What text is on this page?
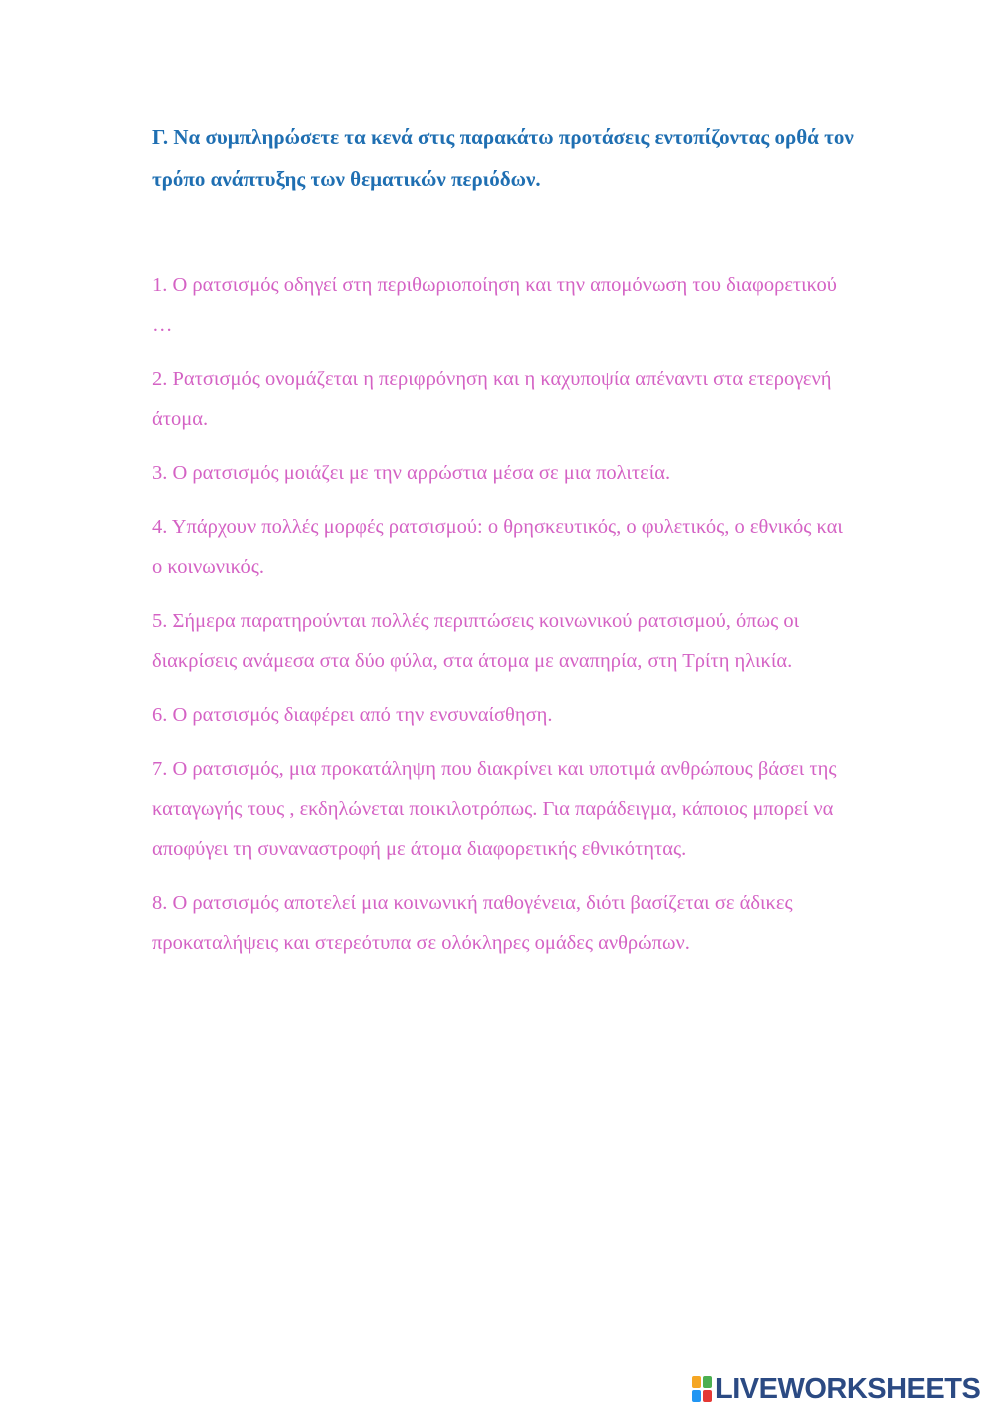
Γ. Να συμπληρώσετε τα κενά στις παρακάτω προτάσεις εντοπίζοντας ορθά τον τρόπο ανάπτυξης των θεματικών περιόδων.

1. Ο ρατσισμός οδηγεί στη περιθωριοποίηση και την απομόνωση του διαφορετικού …
2. Ρατσισμός ονομάζεται η περιφρόνηση και η καχυποψία απέναντι στα ετερογενή άτομα.
3. Ο ρατσισμός μοιάζει με την αρρώστια μέσα σε μια πολιτεία.
4. Υπάρχουν πολλές μορφές ρατσισμού: ο θρησκευτικός, ο φυλετικός, ο εθνικός και ο κοινωνικός.
5. Σήμερα παρατηρούνται πολλές περιπτώσεις κοινωνικού ρατσισμού, όπως οι διακρίσεις ανάμεσα στα δύο φύλα, στα άτομα με αναπηρία, στη Τρίτη ηλικία.
6. Ο ρατσισμός διαφέρει από την ενσυναίσθηση.
7. Ο ρατσισμός, μια προκατάληψη που διακρίνει και υποτιμά ανθρώπους βάσει της καταγωγής τους , εκδηλώνεται ποικιλοτρόπως. Για παράδειγμα, κάποιος μπορεί να αποφύγει τη συναναστροφή με άτομα διαφορετικής εθνικότητας.
8. Ο ρατσισμός αποτελεί μια κοινωνική παθογένεια, διότι βασίζεται σε άδικες προκαταλήψεις και στερεότυπα σε ολόκληρες ομάδες ανθρώπων.
LIVEWORKSHEETS
